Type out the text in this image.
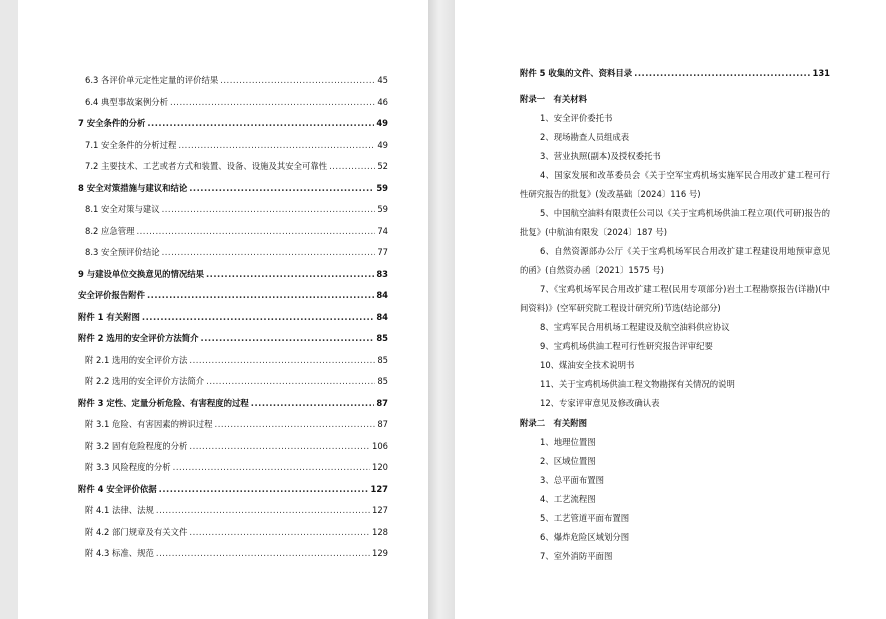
6.3 各评价单元定性定量的评价结果 .....	45
6.4 典型事故案例分析 .....	46
7 安全条件的分析 .....	49
7.1 安全条件的分析过程 .....	49
7.2 主要技术、工艺或者方式和装置、设备、设施及其安全可靠性 .....	52
8 安全对策措施与建议和结论 .....	59
8.1 安全对策与建议 .....	59
8.2 应急管理 .....	74
8.3 安全预评价结论 .....	77
9 与建设单位交换意见的情况结果 .....	83
安全评价报告附件 .....	84
附件 1 有关附图 .....	84
附件 2 选用的安全评价方法简介 .....	85
附 2.1 选用的安全评价方法 .....	85
附 2.2 选用的安全评价方法简介 .....	85
附件 3 定性、定量分析危险、有害程度的过程 .....	87
附 3.1 危险、有害因素的辨识过程 .....	87
附 3.2 固有危险程度的分析 .....	106
附 3.3 风险程度的分析 .....	120
附件 4 安全评价依据 .....	127
附 4.1 法律、法规 .....	127
附 4.2 部门规章及有关文件 .....	128
附 4.3 标准、规范 .....	129
附件 5 收集的文件、资料目录 .....	131
附录一　有关材料
1、安全评价委托书
2、现场勘查人员组成表
3、营业执照(副本)及授权委托书
4、国家发展和改革委员会《关于空军宝鸡机场实施军民合用改扩建工程可行性研究报告的批复》(发改基础〔2024〕116 号)
5、中国航空油料有限责任公司以《关于宝鸡机场供油工程立项(代可研)报告的批复》(中航油有限发〔2024〕187 号)
6、自然资源部办公厅《关于宝鸡机场军民合用改扩建工程建设用地预审意见的函》(自然资办函〔2021〕1575 号)
7、《宝鸡机场军民合用改扩建工程(民用专项部分)岩土工程勘察报告(详勘)(中间资料)》(空军研究院工程设计研究所)节选(结论部分)
8、宝鸡军民合用机场工程建设及航空油料供应协议
9、宝鸡机场供油工程可行性研究报告评审纪要
10、煤油安全技术说明书
11、关于宝鸡机场供油工程文物勘探有关情况的说明
12、专家评审意见及修改确认表
附录二　有关附图
1、地理位置图
2、区域位置图
3、总平面布置图
4、工艺流程图
5、工艺管道平面布置图
6、爆炸危险区域划分图
7、室外消防平面图
